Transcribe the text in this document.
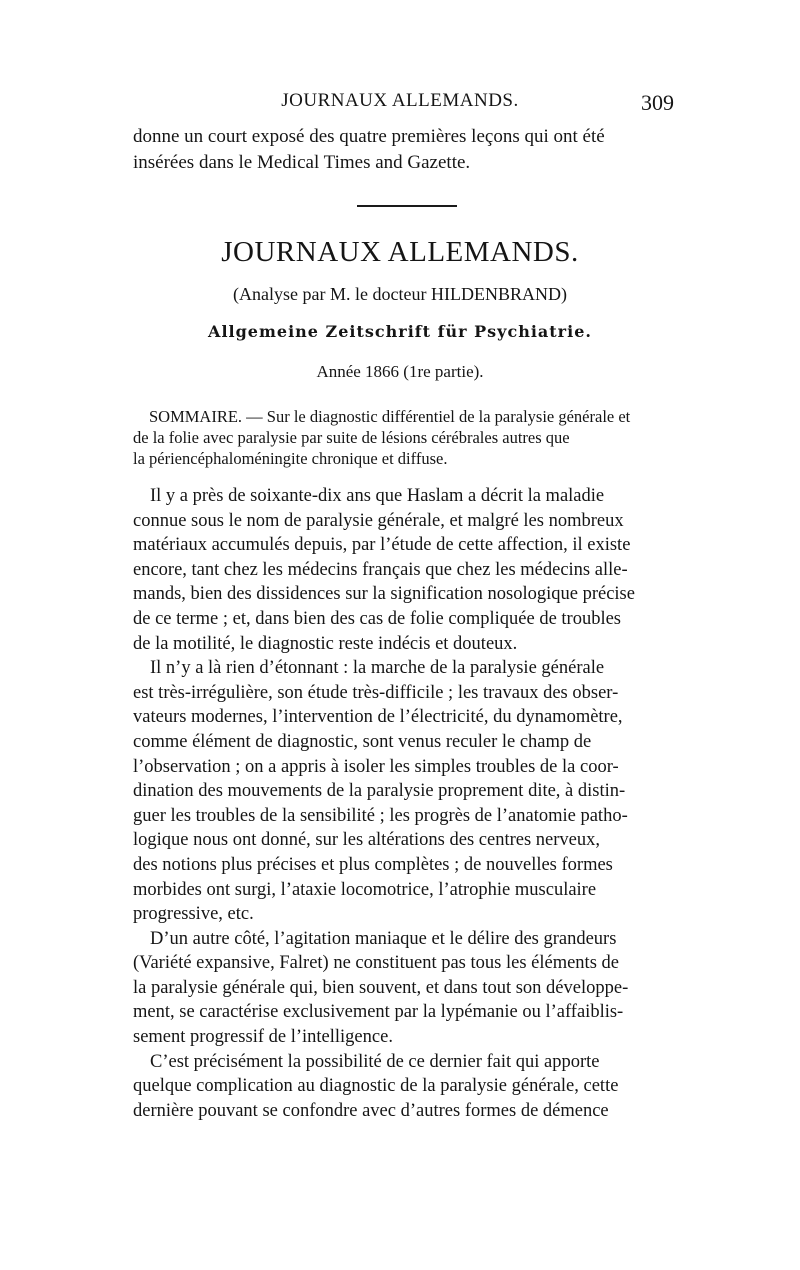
JOURNAUX ALLEMANDS.	309

donne un court exposé des quatre premières leçons qui ont été
insérées dans le Medical Times and Gazette.

JOURNAUX ALLEMANDS.

(Analyse par M. le docteur HILDENBRAND)

Allgemeine Zeitschrift für Psychiatrie.

Année 1866 (1re partie).

SOMMAIRE. — Sur le diagnostic différentiel de la paralysie générale et
de la folie avec paralysie par suite de lésions cérébrales autres que
la périencéphaloméningite chronique et diffuse.

Il y a près de soixante-dix ans que Haslam a décrit la maladie
connue sous le nom de paralysie générale, et malgré les nombreux
matériaux accumulés depuis, par l’étude de cette affection, il existe
encore, tant chez les médecins français que chez les médecins alle-
mands, bien des dissidences sur la signification nosologique précise
de ce terme ; et, dans bien des cas de folie compliquée de troubles
de la motilité, le diagnostic reste indécis et douteux.

Il n’y a là rien d’étonnant : la marche de la paralysie générale
est très-irrégulière, son étude très-difficile ; les travaux des obser-
vateurs modernes, l’intervention de l’électricité, du dynamomètre,
comme élément de diagnostic, sont venus reculer le champ de
l’observation ; on a appris à isoler les simples troubles de la coor-
dination des mouvements de la paralysie proprement dite, à distin-
guer les troubles de la sensibilité ; les progrès de l’anatomie patho-
logique nous ont donné, sur les altérations des centres nerveux,
des notions plus précises et plus complètes ; de nouvelles formes
morbides ont surgi, l’ataxie locomotrice, l’atrophie musculaire
progressive, etc.

D’un autre côté, l’agitation maniaque et le délire des grandeurs
(Variété expansive, Falret) ne constituent pas tous les éléments de
la paralysie générale qui, bien souvent, et dans tout son développe-
ment, se caractérise exclusivement par la lypémanie ou l’affaiblis-
sement progressif de l’intelligence.

C’est précisément la possibilité de ce dernier fait qui apporte
quelque complication au diagnostic de la paralysie générale, cette
dernière pouvant se confondre avec d’autres formes de démence
